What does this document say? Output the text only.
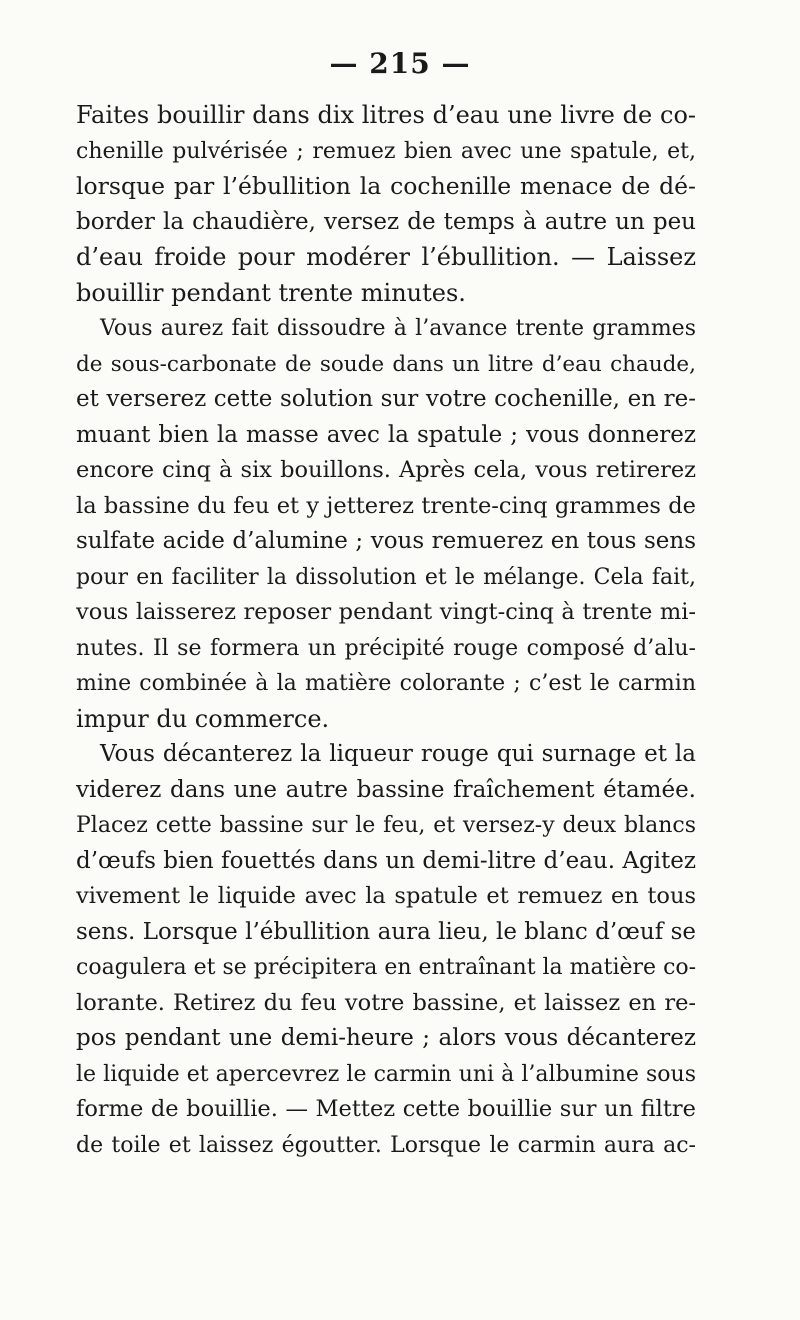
— 215 —
Faites bouillir dans dix litres d’eau une livre de co-
chenille pulvérisée ; remuez bien avec une spatule, et,
lorsque par l’ébullition la cochenille menace de dé-
border la chaudière, versez de temps à autre un peu
d’eau froide pour modérer l’ébullition. — Laissez
bouillir pendant trente minutes.
Vous aurez fait dissoudre à l’avance trente grammes
de sous-carbonate de soude dans un litre d’eau chaude,
et verserez cette solution sur votre cochenille, en re-
muant bien la masse avec la spatule ; vous donnerez
encore cinq à six bouillons. Après cela, vous retirerez
la bassine du feu et y jetterez trente-cinq grammes de
sulfate acide d’alumine ; vous remuerez en tous sens
pour en faciliter la dissolution et le mélange. Cela fait,
vous laisserez reposer pendant vingt-cinq à trente mi-
nutes. Il se formera un précipité rouge composé d’alu-
mine combinée à la matière colorante ; c’est le carmin
impur du commerce.
Vous décanterez la liqueur rouge qui surnage et la
viderez dans une autre bassine fraîchement étamée.
Placez cette bassine sur le feu, et versez-y deux blancs
d’œufs bien fouettés dans un demi-litre d’eau. Agitez
vivement le liquide avec la spatule et remuez en tous
sens. Lorsque l’ébullition aura lieu, le blanc d’œuf se
coagulera et se précipitera en entraînant la matière co-
lorante. Retirez du feu votre bassine, et laissez en re-
pos pendant une demi-heure ; alors vous décanterez
le liquide et apercevrez le carmin uni à l’albumine sous
forme de bouillie. — Mettez cette bouillie sur un filtre
de toile et laissez égoutter. Lorsque le carmin aura ac-
